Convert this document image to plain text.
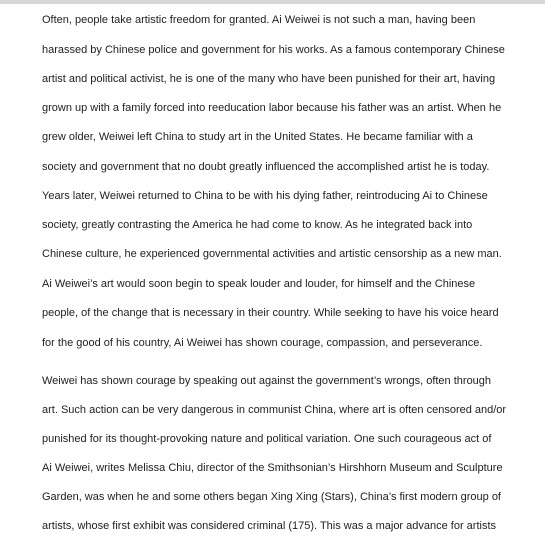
Often, people take artistic freedom for granted. Ai Weiwei is not such a man, having been
harassed by Chinese police and government for his works. As a famous contemporary Chinese
artist and political activist, he is one of the many who have been punished for their art, having
grown up with a family forced into reeducation labor because his father was an artist. When he
grew older, Weiwei left China to study art in the United States. He became familiar with a
society and government that no doubt greatly influenced the accomplished artist he is today.
Years later, Weiwei returned to China to be with his dying father, reintroducing Ai to Chinese
society, greatly contrasting the America he had come to know. As he integrated back into
Chinese culture, he experienced governmental activities and artistic censorship as a new man.
Ai Weiwei’s art would soon begin to speak louder and louder, for himself and the Chinese
people, of the change that is necessary in their country. While seeking to have his voice heard
for the good of his country, Ai Weiwei has shown courage, compassion, and perseverance.
Weiwei has shown courage by speaking out against the government’s wrongs, often through
art. Such action can be very dangerous in communist China, where art is often censored and/or
punished for its thought-provoking nature and political variation. One such courageous act of
Ai Weiwei, writes Melissa Chiu, director of the Smithsonian’s Hirshhorn Museum and Sculpture
Garden, was when he and some others began Xing Xing (Stars), China’s first modern group of
artists, whose first exhibit was considered criminal (175). This was a major advance for artists
